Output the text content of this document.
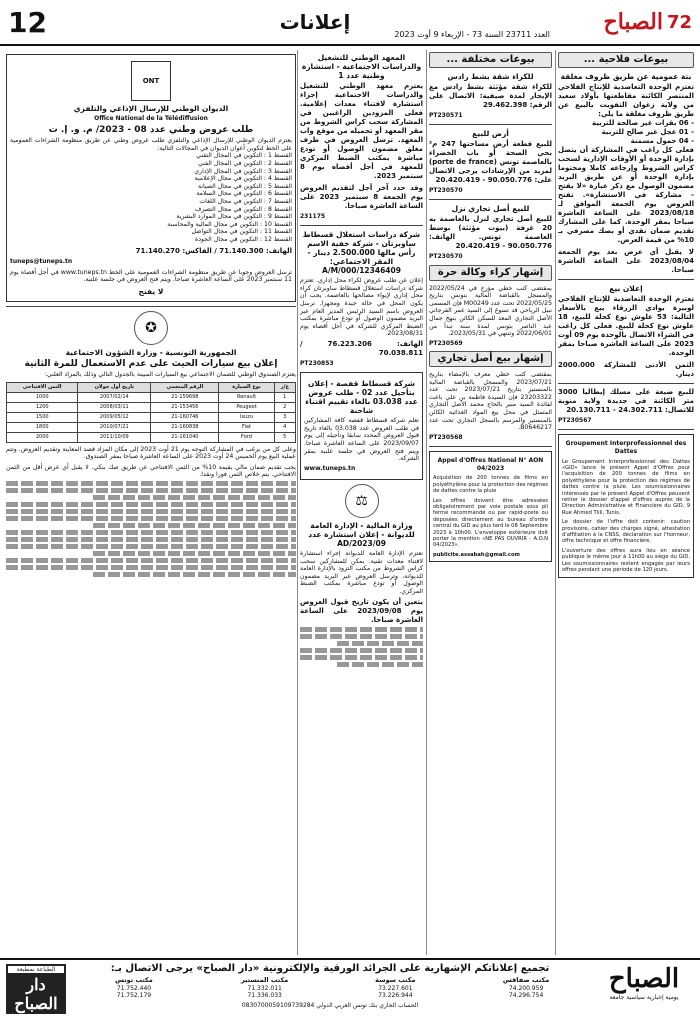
12	إعلانات
العدد 23711 السنة 73 - الإربعاء 9 أوت 2023 الصباح 72
بيوعات فلاحية ...
بتة عمومية عن طريق ظروف مغلقة
تعتزم الوحدة التعاضدية للإنتاج الفلاحي المنتصر الكائنة مقاطعتها بأولاد سعيد من ولاية زغوان التفويت بالبيع عن طريق ظروف مغلقة ما يلي:
- 06 بقرات غير صالحة للتربية
- 01 عجل غير صالح للتربية
- 04 حمول مسمنة
فعلى كل راغب في المشاركة أن يتصل بإدارة الوحدة أو الأوقات الإدارية لسحب كراس الشروط وإرجاعه كاملا ومختوما بإدارة الوحدة أو عن طريق البريد مضمون الوصول مع ذكر عبارة «لا يفتح - مشاركة في الاستشارة». تفتح العروض يوم الجمعة الموافق لـ 2023/08/18 على الساعة العاشرة صباحا بمقر الوحدة. كما على المشارك تقديم ضمان نقدي أو بصك مصرفي بـ 10% من قيمة العرض.
لا يقبل أي عرض بعد يوم الجمعة 2023/08/04 على الساعة العاشرة صباحا.
إعلان بيع
تعتزم الوحدة التعاضدية للإنتاج الفلاحي لوبيرة بوادي الزرقاء بيع بالأسعار التالية: 53 علوش نوع كحلة للبيع، 18 علوش نوع كحلة للبيع. فعلى كل راغب في الشراء الاتصال بالوحدة يوم 09 أوت 2023 على الساعة العاشرة صباحا بمقر الوحدة.
الثمن الأدنى للمشاركة 2000.000 دينار.
للبيع ضيعة على مسلك إيطاليا 3000 متر الكائنة في جديدة ولاية منوبة للاتصال: 24.302.711 - 20.130.711
PT230567
Groupement Interprofessionnel des Dattes
Le Groupement Interprofessionnel des Dattes «GID» lance le présent Appel d'Offres pour l'acquisition de 200 tonnes de films en polyéthylène pour la protection des régimes de dattes contre la pluie. Les soumissionnaires intéressés par le présent Appel d'Offres peuvent retirer le dossier d'appel d'offres auprès de la Direction Administrative et Financière du GID, 9 Rue Ahmed Tlili, Tunis.
Le dossier de l'offre doit contenir: caution provisoire, cahier des charges signé, attestation d'affiliation à la CNSS, déclaration sur l'honneur, offre technique et offre financière.
L'ouverture des offres aura lieu en séance publique le même jour à 11h00 au siège du GID. Les soumissionnaires restent engagés par leurs offres pendant une période de 120 jours.
بيوعات مختلفة ...
للكراء شقة بشط رادس
للكراء شقة مؤثثة بشط رادس مع الإيجار لمدة صيفية: الاتصال على الرقم: 29.462.398
PT230571
أرض للبيع
للبيع قطعة أرض مساحتها 247 م² بحي الصحة أو باب الخضراء بالعاصمة تونس (porte de france) لمزيد من الإرشادات يرجى الاتصال على: 90.050.776 - 20.420.419
PT230570
للبيع أصل تجاري نزل
للبيع أصل تجاري لنزل بالعاصمة به 20 غرفة (بيوت مؤثثة) بوسط العاصمة تونس. الهاتف: 90.050.776 - 20.420.419
PT230570
إشهار كراء وكالة حرة
بمقتضى كتب خطي مؤرخ في 2022/05/24 والمسجل بالقباضة المالية بتونس بتاريخ 2022/05/25 تحت عدد M00249 فإن المسمى نبيل الرياحي قد تسوغ إلى السيد عمر الفرجاني الأصل التجاري المعد للسكن الكائن بنهج جمال عبد الناصر بتونس لمدة سنة تبدأ من 2022/06/01 وتنتهي في 2023/05/31.
PT230569
إشهار بيع أصل تجاري
بمقتضى كتب خطي معرف بالإمضاء بتاريخ 2023/07/21 والمسجل بالقباضة المالية بالمنستير بتاريخ 2023/07/21 تحت عدد 23203322 فإن السيدة فاطمة بن علي باعت لفائدة السيد منير بالحاج محمد الأصل التجاري المتمثل في محل بيع المواد الغذائية الكائن بالمنستير والمرسم بالسجل التجاري تحت عدد B0646217.
PT230568
Appel d'Offres National N° AON 04/2023
Acquisition de 200 tonnes de films en polyéthylène pour la protection des régimes de dattes contre la pluie
Les offres doivent être adressées obligatoirement par voie postale sous pli fermé recommandé ou par rapid-poste ou déposées directement au bureau d'ordre central du GID au plus tard le 08 Septembre 2023 à 10h00. L'enveloppe extérieure doit porter la mention «NE PAS OUVRIR - A.O.N 04/2023».
publicite.assabah@gmail.com
المعهد الوطني للتشغيل والدراسات الاجتماعية - استشارة وطنية عدد 1
يعتزم معهد الوطني للتشغيل والدراسات الاجتماعية إجراء استشارة لاقتناء معدات إعلامية. فعلى المزودين الراغبين في المشاركة سحب كراس الشروط من مقر المعهد أو تحميله من موقع واب المعهد. ترسل العروض في ظرف مغلق مضمون الوصول أو تودع مباشرة بمكتب الضبط المركزي للمعهد في أجل أقصاه يوم 8 سبتمبر 2023.
وقد حدد آخر أجل لتقديم العروض يوم الجمعة 8 سبتمبر 2023 على الساعة العاشرة صباحا.
231175
شركة دراسات استغلال قسطاط ساوبرتان - شركة خفية الاسم رأس مالها 2.500.000 دينار - المقر الاجتماعي: 12346409/A/M/000
إعلان عن طلب عروض لكراء محل إداري. تعتزم شركة دراسات استغلال قسطاط ساوبرتان كراء محل إداري لإيواء مصالحها بالعاصمة. يجب أن يكون المحل في حالة جيدة ومجهزا. ترسل العروض باسم السيد الرئيس المدير العام عبر البريد مضمون الوصول أو تودع مباشرة بمكتب الضبط المركزي للشركة في أجل أقصاه يوم 2023/08/31.
الهاتف: 76.223.206 / 70.038.811
PT230853
شركة قسطاط قفصة - إعلان بتأجيل عدد 02 - طلب عروض عدد 03.038 بالغاء تقييم اقتناء شاحنة
تعلم شركة قسطاط قفصة كافة المشاركين في طلب العروض عدد 03.038 بالغاء تاريخ قبول العروض المحدد سابقا وتأجيله إلى يوم 2023/09/07 على الساعة العاشرة صباحا. ويتم فتح العروض في جلسة علنية بمقر الشركة.
www.tuneps.tn
⚖
وزارة المالية - الإدارة العامة للديوانة - إعلان استشارة عدد 2023/09/AD
تعتزم الإدارة العامة للديوانة إجراء استشارة لاقتناء معدات تقنية. يمكن للمشاركين سحب كراس الشروط من مكتب التزود بالإدارة العامة للديوانة، وترسل العروض عبر البريد مضمون الوصول أو تودع مباشرة بمكتب الضبط المركزي.
يتعين أن يكون تاريخ قبول العروض يوم 2023/09/08 على الساعة العاشرة صباحا.
ONT
الديوان الوطني للإرسال الإذاعي والتلفزي
Office National de la Télédiffusion
طلب عروض وطني عدد 08 - 2023/ م. و. إ. ت
يعتزم الديوان الوطني للإرسال الإذاعي والتلفزي طلب عروض وطني عن طريق منظومة الشراءات العمومية على الخط لتكوين أعوان الديوان في المجالات التالية:
القسط 1 : التكوين في المجال التقني
القسط 2 : التكوين في المجال الفني
القسط 3 : التكوين في المجال الإداري
القسط 4 : التكوين في مجال الإعلامية
القسط 5 : التكوين في مجال الصيانة
القسط 6 : التكوين في مجال السلامة
القسط 7 : التكوين في مجال اللغات
القسط 8 : التكوين في مجال التصرف
القسط 9 : التكوين في مجال الموارد البشرية
القسط 10 : التكوين في مجال المالية والمحاسبة
القسط 11 : التكوين في مجال التواصل
القسط 12 : التكوين في مجال الجودة
الهاتف: 71.140.300 / الفاكس: 71.140.270
tuneps@tuneps.tn
ترسل العروض وجوبا عن طريق منظومة الشراءات العمومية على الخط www.tuneps.tn في أجل أقصاه يوم 11 سبتمبر 2023 على الساعة العاشرة صباحا. ويتم فتح العروض في جلسة علنية.
لا يفتح
✪
الجمهورية التونسية - وزارة الشؤون الاجتماعية
إعلان بيع سيارات الحيث على عدم الاستعمال للمرة الثانية
يعتزم الصندوق الوطني للضمان الاجتماعي بيع السيارات المبينة بالجدول التالي وذلك بالمزاد العلني:
ع/ر	نوع السيارة	الرقم المنجمي	تاريخ أول جولان	الثمن الافتتاحي
1	Renault	21-159698	2007/02/14	1000
2	Peugeot	21-153456	2008/03/11	1200
3	Isuzu	21-160746	2009/05/12	1500
4	Fiat	21-160838	2010/07/21	1800
5	Ford	21-161040	2011/10/09	2000
وعلى كل من يرغب في المشاركة التوجه يوم 21 أوت 2023 إلى مكان المزاد قصد المعاينة وتقديم العروض. وتتم عملية البيع يوم الخميس 24 أوت 2023 على الساعة العاشرة صباحا بمقر الصندوق.
يجب تقديم ضمان مالي بقيمة 10% من الثمن الافتتاحي عن طريق صك بنكي. لا يقبل أي عرض أقل من الثمن الافتتاحي. يتم خلاص الثمن فورا ونقدا.
الطباعة بمطبعة
دار الصباح
تجميع إعلاناتكم الإشهارية على الجرائد الورقية والإلكترونية «دار الصباح» يرجى الاتصال بـ:
مكتب صفاقس
74.200.959
74.296.754
مكتب سوسة
73.227.601
73.226.944
مكتب المنستير
71.332.011
71.336.033
مكتب تونس
71.752.440
71.752.179
الحساب الجاري بنك تونس العربي الدولي 0830700059109739284
الصباح
يومية إخبارية سياسية جامعة
